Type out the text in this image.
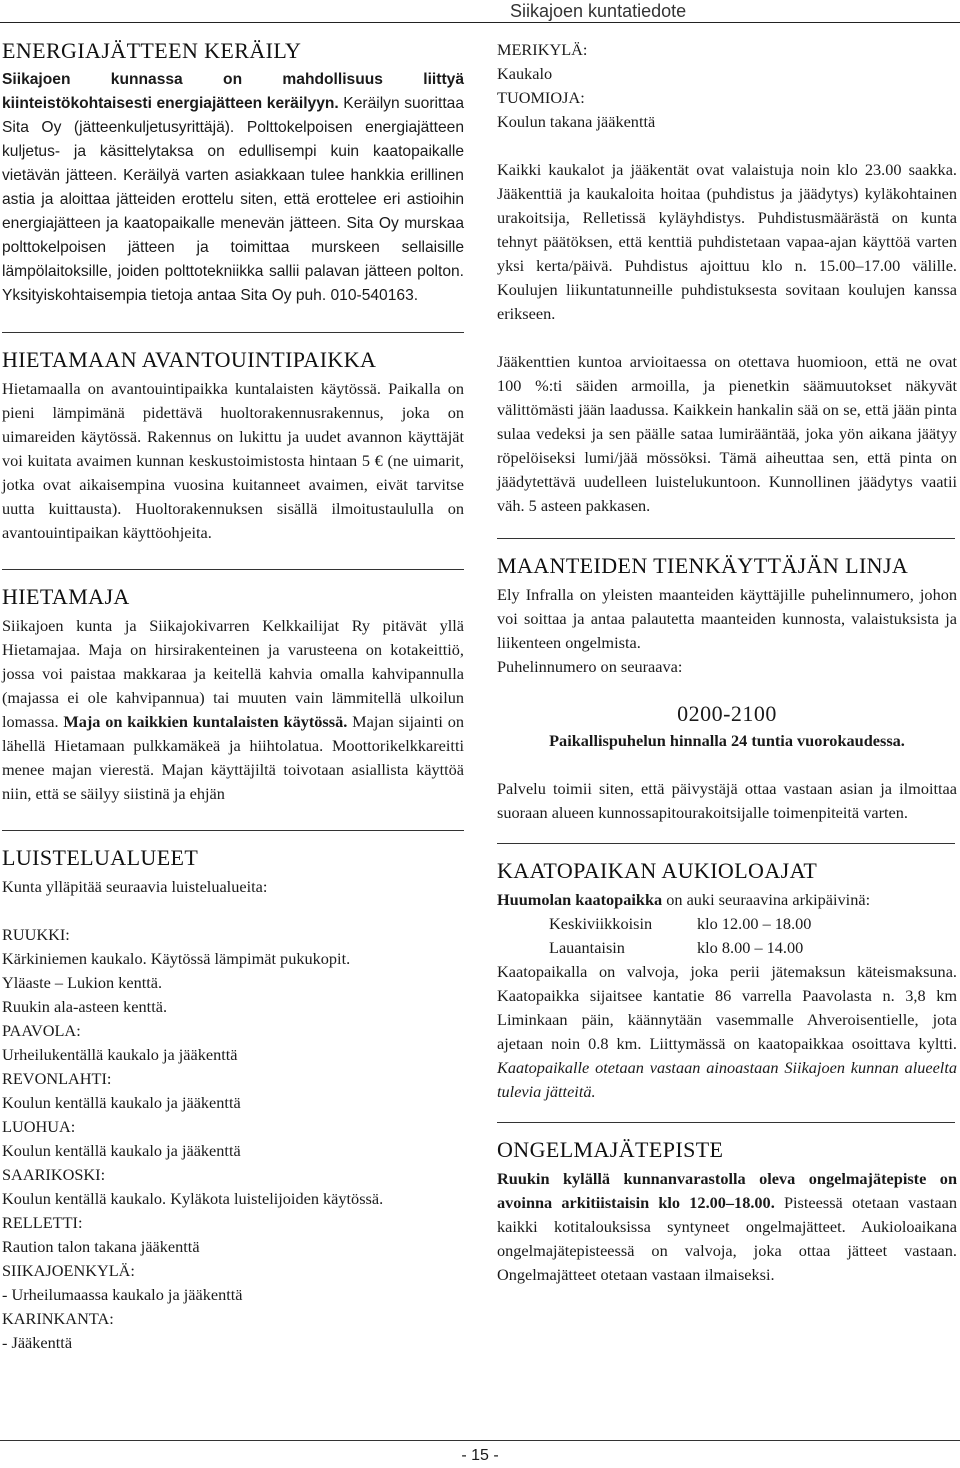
Siikajoen kuntatiedote
ENERGIAJÄTTEEN KERÄILY

Siikajoen kunnassa on mahdollisuus liittyä kiinteistökohtaisesti energiajätteen keräilyyn. Keräilyn suorittaa Sita Oy (jätteenkuljetusyrittäjä). Polttokelpoisen energiajätteen kuljetus- ja käsittelytaksa on edullisempi kuin kaatopaikalle vietävän jätteen. Keräilyä varten asiakkaan tulee hankkia erillinen astia ja aloittaa jätteiden erottelu siten, että erottelee eri astioihin energiajätteen ja kaatopaikalle menevän jätteen. Sita Oy murskaa polttokelpoisen jätteen ja toimittaa murskeen sellaisille lämpölaitoksille, joiden polttotekniikka sallii palavan jätteen polton. Yksityiskohtaisempia tietoja antaa Sita Oy puh. 010-540163.

HIETAMAAN AVANTOUINTIPAIKKA

Hietamaalla on avantouintipaikka kuntalaisten käytössä. Paikalla on pieni lämpimänä pidettävä huoltorakennusrakennus, joka on uimareiden käytössä. Rakennus on lukittu ja uudet avannon käyttäjät voi kuitata avaimen kunnan keskustoimistosta hintaan 5 € (ne uimarit, jotka ovat aikaisempina vuosina kuitanneet avaimen, eivät tarvitse uutta kuittausta). Huoltorakennuksen sisällä ilmoitustaululla on avantouintipaikan käyttöohjeita.

HIETAMAJA

Siikajoen kunta ja Siikajokivarren Kelkkailijat Ry pitävät yllä Hietamajaa. Maja on hirsirakenteinen ja varusteena on kotakeittiö, jossa voi paistaa makkaraa ja keitellä kahvia omalla kahvipannulla (majassa ei ole kahvipannua) tai muuten vain lämmitellä ulkoilun lomassa. Maja on kaikkien kuntalaisten käytössä. Majan sijainti on lähellä Hietamaan pulkkamäkeä ja hiihtolatua. Moottorikelkkareitti menee majan vierestä. Majan käyttäjiltä toivotaan asiallista käyttöä niin, että se säilyy siistinä ja ehjän

LUISTELUALUEET
Kunta ylläpitää seuraavia luistelualueita:
RUUKKI:
Kärkiniemen kaukalo. Käytössä lämpimät pukukopit.
Yläaste – Lukion kenttä.
Ruukin ala-asteen kenttä.
PAAVOLA:
Urheilukentällä kaukalo ja jääkenttä
REVONLAHTI:
Koulun kentällä kaukalo ja jääkenttä
LUOHUA:
Koulun kentällä kaukalo ja jääkenttä
SAARIKOSKI:
Koulun kentällä kaukalo. Kyläkota luistelijoiden käytössä.
RELLETTI:
Raution talon takana jääkenttä
SIIKAJOENKYLÄ:
- Urheilumaassa kaukalo ja jääkenttä
KARINKANTA:
- Jääkenttä
MERIKYLÄ:
Kaukalo
TUOMIOJA:
Koulun takana jääkenttä

Kaikki kaukalot ja jääkentät ovat valaistuja noin klo 23.00 saakka. Jääkenttiä ja kaukaloita hoitaa (puhdistus ja jäädytys) kyläkohtainen urakoitsija, Relletissä kyläyhdistys. Puhdistusmäärästä on kunta tehnyt päätöksen, että kenttiä puhdistetaan vapaa-ajan käyttöä varten yksi kerta/päivä. Puhdistus ajoittuu klo n. 15.00–17.00 välille. Koulujen liikuntatunneille puhdistuksesta sovitaan koulujen kanssa erikseen.

Jääkenttien kuntoa arvioitaessa on otettava huomioon, että ne ovat 100 %:ti säiden armoilla, ja pienetkin säämuutokset näkyvät välittömästi jään laadussa. Kaikkein hankalin sää on se, että jään pinta sulaa vedeksi ja sen päälle sataa lumirääntää, joka yön aikana jäätyy röpelöiseksi lumi/jää mössöksi. Tämä aiheuttaa sen, että pinta on jäädytettävä uudelleen luistelukuntoon. Kunnollinen jäädytys vaatii väh. 5 asteen pakkasen.

MAANTEIDEN TIENKÄYTTÄJÄN LINJA

Ely Infralla on yleisten maanteiden käyttäjille puhelinnumero, johon voi soittaa ja antaa palautetta maanteiden kunnosta, valaistuksista ja liikenteen ongelmista.

Puhelinnumero on seuraava:

0200-2100
Paikallispuhelun hinnalla 24 tuntia vuorokaudessa.

Palvelu toimii siten, että päivystäjä ottaa vastaan asian ja ilmoittaa suoraan alueen kunnossapitourakoitsijalle toimenpiteitä varten.

KAATOPAIKAN AUKIOLOAJAT

Huumolan kaatopaikka on auki seuraavina arkipäivinä:

Keskiviikkoisin	klo 12.00 – 18.00
Lauantaisin	klo 8.00 – 14.00

Kaatopaikalla on valvoja, joka perii jätemaksun käteismaksuna. Kaatopaikka sijaitsee kantatie 86 varrella Paavolasta n. 3,8 km Liminkaan päin, käännytään vasemmalle Ahveroisentielle, jota ajetaan noin 0.8 km. Liittymässä on kaatopaikkaa osoittava kyltti. Kaatopaikalle otetaan vastaan ainoastaan Siikajoen kunnan alueelta tulevia jätteitä.

ONGELMAJÄTEPISTE

Ruukin kylällä kunnanvarastolla oleva ongelmajätepiste on avoinna arkitiistaisin klo 12.00–18.00. Pisteessä otetaan vastaan kaikki kotitalouksissa syntyneet ongelmajätteet. Aukioloaikana ongelmajätepisteessä on valvoja, joka ottaa jätteet vastaan. Ongelmajätteet otetaan vastaan ilmaiseksi.

- 15 -
